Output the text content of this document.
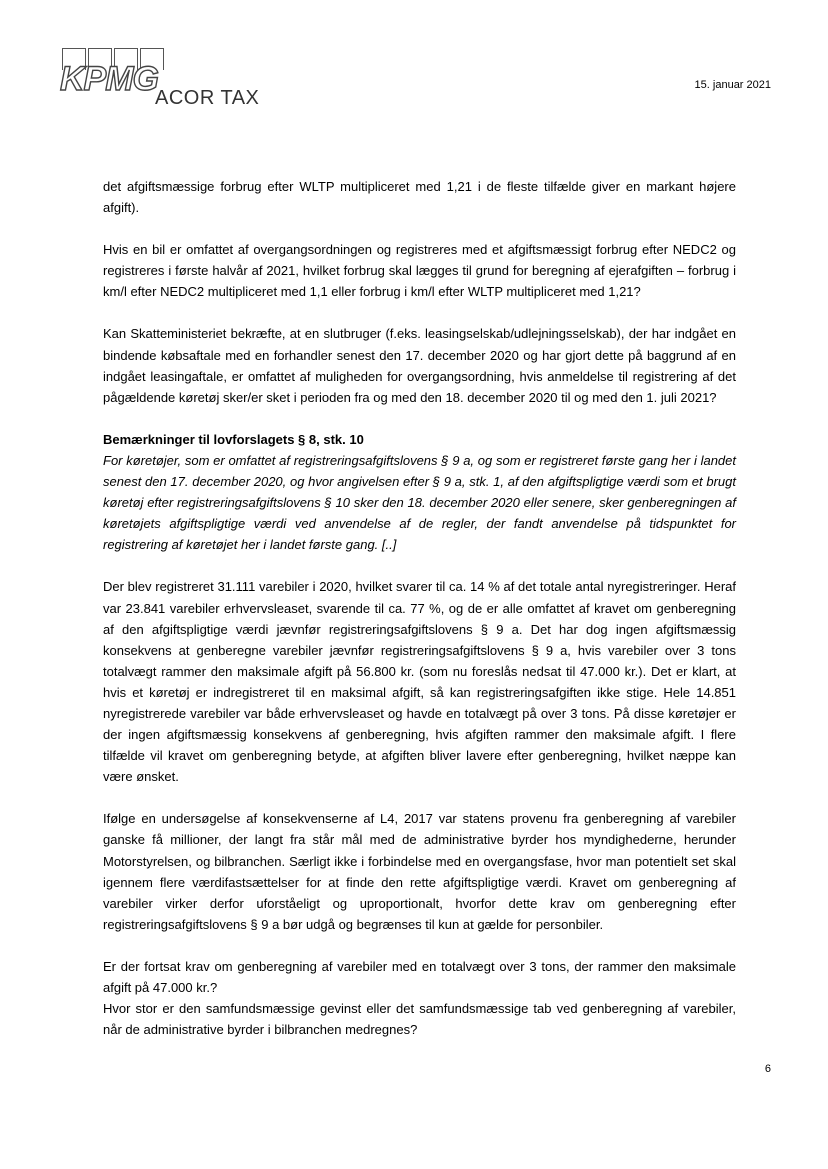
KPMG
ACOR TAX
15. januar 2021

det afgiftsmæssige forbrug efter WLTP multipliceret med 1,21 i de fleste tilfælde giver en markant højere afgift).

Hvis en bil er omfattet af overgangsordningen og registreres med et afgiftsmæssigt forbrug efter NEDC2 og registreres i første halvår af 2021, hvilket forbrug skal lægges til grund for beregning af ejerafgiften – forbrug i km/l efter NEDC2 multipliceret med 1,1 eller forbrug i km/l efter WLTP multipliceret med 1,21?

Kan Skatteministeriet bekræfte, at en slutbruger (f.eks. leasingselskab/udlejningsselskab), der har indgået en bindende købsaftale med en forhandler senest den 17. december 2020 og har gjort dette på baggrund af en indgået leasingaftale, er omfattet af muligheden for overgangsordning, hvis anmeldelse til registrering af det pågældende køretøj sker/er sket i perioden fra og med den 18. december 2020 til og med den 1. juli 2021?

Bemærkninger til lovforslagets § 8, stk. 10

For køretøjer, som er omfattet af registreringsafgiftslovens § 9 a, og som er registreret første gang her i landet senest den 17. december 2020, og hvor angivelsen efter § 9 a, stk. 1, af den afgiftspligtige værdi som et brugt køretøj efter registreringsafgiftslovens § 10 sker den 18. december 2020 eller senere, sker genberegningen af køretøjets afgiftspligtige værdi ved anvendelse af de regler, der fandt anvendelse på tidspunktet for registrering af køretøjet her i landet første gang. [..]

Der blev registreret 31.111 varebiler i 2020, hvilket svarer til ca. 14 % af det totale antal nyregistreringer. Heraf var 23.841 varebiler erhvervsleaset, svarende til ca. 77 %, og de er alle omfattet af kravet om genberegning af den afgiftspligtige værdi jævnfør registreringsafgiftslovens § 9 a. Det har dog ingen afgiftsmæssig konsekvens at genberegne varebiler jævnfør registreringsafgiftslovens § 9 a, hvis varebiler over 3 tons totalvægt rammer den maksimale afgift på 56.800 kr. (som nu foreslås nedsat til 47.000 kr.). Det er klart, at hvis et køretøj er indregistreret til en maksimal afgift, så kan registreringsafgiften ikke stige. Hele 14.851 nyregistrerede varebiler var både erhvervsleaset og havde en totalvægt på over 3 tons. På disse køretøjer er der ingen afgiftsmæssig konsekvens af genberegning, hvis afgiften rammer den maksimale afgift. I flere tilfælde vil kravet om genberegning betyde, at afgiften bliver lavere efter genberegning, hvilket næppe kan være ønsket.

Ifølge en undersøgelse af konsekvenserne af L4, 2017 var statens provenu fra genberegning af varebiler ganske få millioner, der langt fra står mål med de administrative byrder hos myndighederne, herunder Motorstyrelsen, og bilbranchen. Særligt ikke i forbindelse med en overgangsfase, hvor man potentielt set skal igennem flere værdifastsættelser for at finde den rette afgiftspligtige værdi. Kravet om genberegning af varebiler virker derfor uforståeligt og uproportionalt, hvorfor dette krav om genberegning efter registreringsafgiftslovens § 9 a bør udgå og begrænses til kun at gælde for personbiler.

Er der fortsat krav om genberegning af varebiler med en totalvægt over 3 tons, der rammer den maksimale afgift på 47.000 kr.?

Hvor stor er den samfundsmæssige gevinst eller det samfundsmæssige tab ved genberegning af varebiler, når de administrative byrder i bilbranchen medregnes?

6
